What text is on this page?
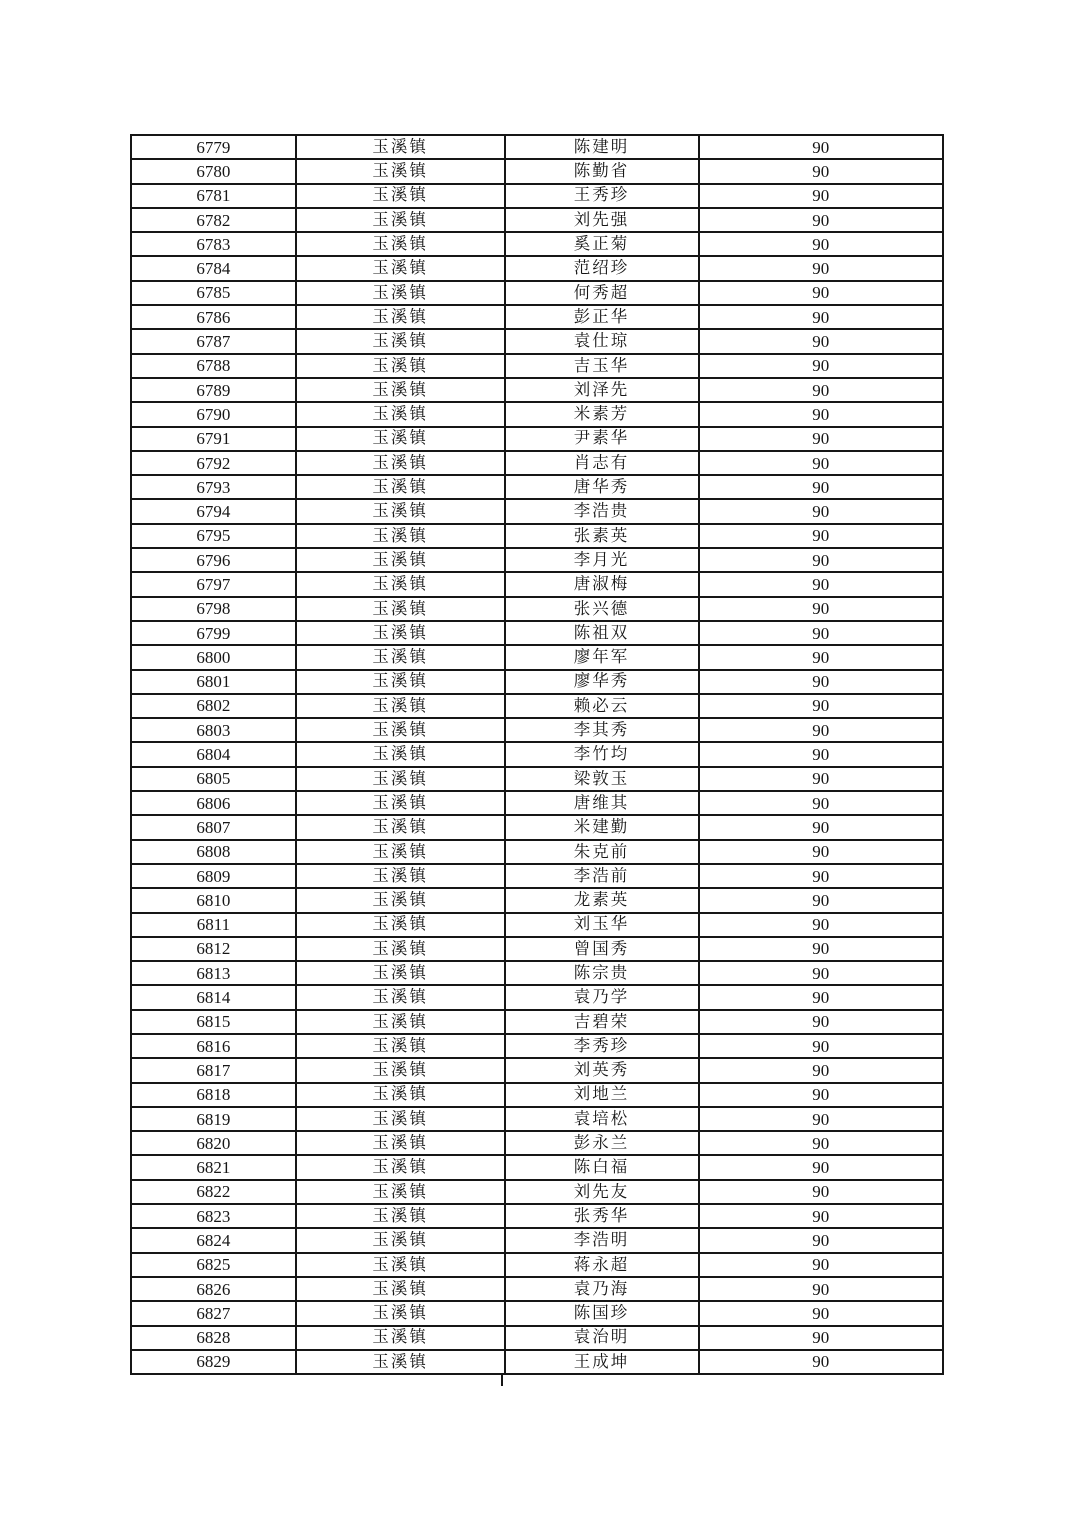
6779	玉溪镇	陈建明	90
6780	玉溪镇	陈勤省	90
6781	玉溪镇	王秀珍	90
6782	玉溪镇	刘先强	90
6783	玉溪镇	奚正菊	90
6784	玉溪镇	范绍珍	90
6785	玉溪镇	何秀超	90
6786	玉溪镇	彭正华	90
6787	玉溪镇	袁仕琼	90
6788	玉溪镇	吉玉华	90
6789	玉溪镇	刘泽先	90
6790	玉溪镇	米素芳	90
6791	玉溪镇	尹素华	90
6792	玉溪镇	肖志有	90
6793	玉溪镇	唐华秀	90
6794	玉溪镇	李浩贵	90
6795	玉溪镇	张素英	90
6796	玉溪镇	李月光	90
6797	玉溪镇	唐淑梅	90
6798	玉溪镇	张兴德	90
6799	玉溪镇	陈祖双	90
6800	玉溪镇	廖年军	90
6801	玉溪镇	廖华秀	90
6802	玉溪镇	赖必云	90
6803	玉溪镇	李其秀	90
6804	玉溪镇	李竹均	90
6805	玉溪镇	梁敦玉	90
6806	玉溪镇	唐维其	90
6807	玉溪镇	米建勤	90
6808	玉溪镇	朱克前	90
6809	玉溪镇	李浩前	90
6810	玉溪镇	龙素英	90
6811	玉溪镇	刘玉华	90
6812	玉溪镇	曾国秀	90
6813	玉溪镇	陈宗贵	90
6814	玉溪镇	袁乃学	90
6815	玉溪镇	吉碧荣	90
6816	玉溪镇	李秀珍	90
6817	玉溪镇	刘英秀	90
6818	玉溪镇	刘地兰	90
6819	玉溪镇	袁培松	90
6820	玉溪镇	彭永兰	90
6821	玉溪镇	陈白福	90
6822	玉溪镇	刘先友	90
6823	玉溪镇	张秀华	90
6824	玉溪镇	李浩明	90
6825	玉溪镇	蒋永超	90
6826	玉溪镇	袁乃海	90
6827	玉溪镇	陈国珍	90
6828	玉溪镇	袁治明	90
6829	玉溪镇	王成坤	90
